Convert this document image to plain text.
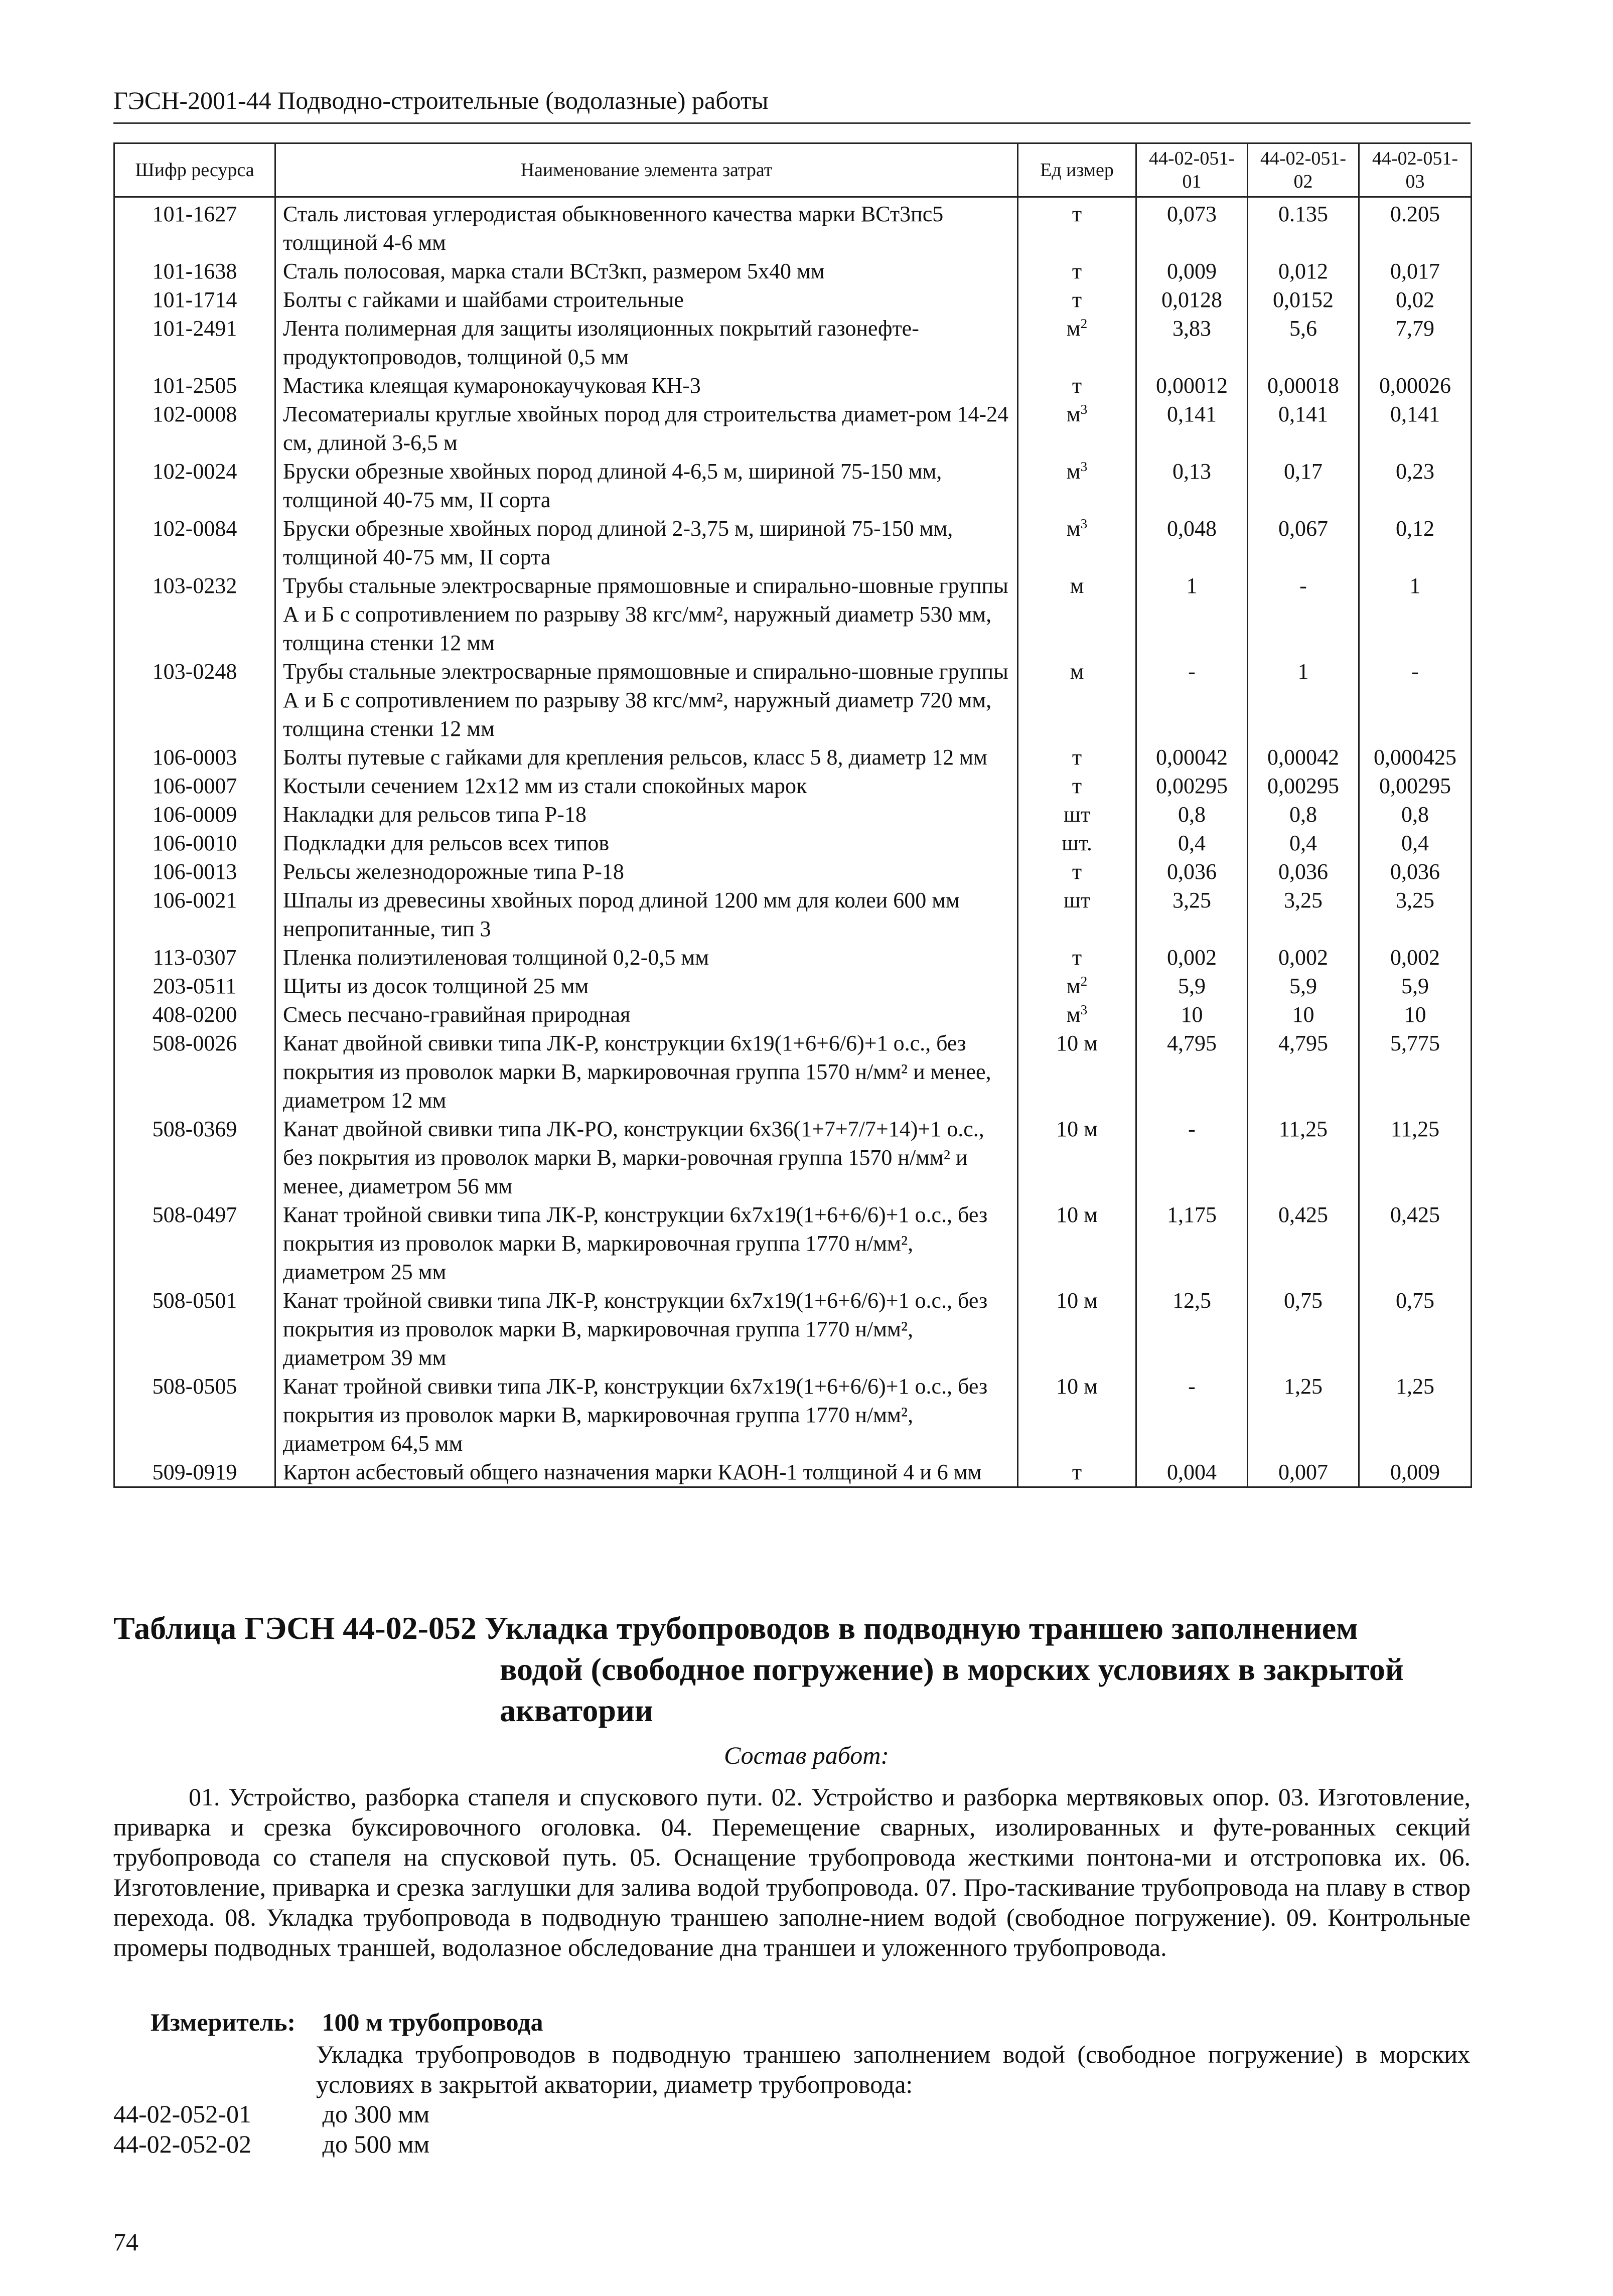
ГЭСН-2001-44 Подводно-строительные (водолазные) работы
Шифр ресурса	Наименование элемента затрат	Ед измер	44-02-051-01	44-02-051-02	44-02-051-03
101-1627	Сталь листовая углеродистая обыкновенного качества марки ВСт3пс5 толщиной 4-6 мм	т	0,073	0.135	0.205
101-1638	Сталь полосовая, марка стали ВСт3кп, размером 5х40 мм	т	0,009	0,012	0,017
101-1714	Болты с гайками и шайбами строительные	т	0,0128	0,0152	0,02
101-2491	Лента полимерная для защиты изоляционных покрытий газонефте-продуктопроводов, толщиной 0,5 мм	$м^2$	3,83	5,6	7,79
101-2505	Мастика клеящая кумаронокаучуковая КН-3	т	0,00012	0,00018	0,00026
102-0008	Лесоматериалы круглые хвойных пород для строительства диамет-ром 14-24 см, длиной 3-6,5 м	$м^3$	0,141	0,141	0,141
102-0024	Бруски обрезные хвойных пород длиной 4-6,5 м, шириной 75-150 мм, толщиной 40-75 мм, II сорта	$м^3$	0,13	0,17	0,23
102-0084	Бруски обрезные хвойных пород длиной 2-3,75 м, шириной 75-150 мм, толщиной 40-75 мм, II сорта	$м^3$	0,048	0,067	0,12
103-0232	Трубы стальные электросварные прямошовные и спирально-шовные группы А и Б с сопротивлением по разрыву 38 кгс/мм², наружный диаметр 530 мм, толщина стенки 12 мм	м	1	-	1
103-0248	Трубы стальные электросварные прямошовные и спирально-шовные группы А и Б с сопротивлением по разрыву 38 кгс/мм², наружный диаметр 720 мм, толщина стенки 12 мм	м	-	1	-
106-0003	Болты путевые с гайками для крепления рельсов, класс 5 8, диаметр 12 мм	т	0,00042	0,00042	0,000425
106-0007	Костыли сечением 12х12 мм из стали спокойных марок	т	0,00295	0,00295	0,00295
106-0009	Накладки для рельсов типа Р-18	шт	0,8	0,8	0,8
106-0010	Подкладки для рельсов всех типов	шт.	0,4	0,4	0,4
106-0013	Рельсы железнодорожные типа Р-18	т	0,036	0,036	0,036
106-0021	Шпалы из древесины хвойных пород длиной 1200 мм для колеи 600 мм непропитанные, тип 3	шт	3,25	3,25	3,25
113-0307	Пленка полиэтиленовая толщиной 0,2-0,5 мм	т	0,002	0,002	0,002
203-0511	Щиты из досок толщиной 25 мм	$м^2$	5,9	5,9	5,9
408-0200	Смесь песчано-гравийная природная	$м^3$	10	10	10
508-0026	Канат двойной свивки типа ЛК-Р, конструкции 6х19(1+6+6/6)+1 о.с., без покрытия из проволок марки В, маркировочная группа 1570 н/мм² и менее, диаметром 12 мм	10 м	4,795	4,795	5,775
508-0369	Канат двойной свивки типа ЛК-РО, конструкции 6х36(1+7+7/7+14)+1 о.с., без покрытия из проволок марки В, марки-ровочная группа 1570 н/мм² и менее, диаметром 56 мм	10 м	-	11,25	11,25
508-0497	Канат тройной свивки типа ЛК-Р, конструкции 6х7х19(1+6+6/6)+1 о.с., без покрытия из проволок марки В, маркировочная группа 1770 н/мм², диаметром 25 мм	10 м	1,175	0,425	0,425
508-0501	Канат тройной свивки типа ЛК-Р, конструкции 6х7х19(1+6+6/6)+1 о.с., без покрытия из проволок марки В, маркировочная группа 1770 н/мм², диаметром 39 мм	10 м	12,5	0,75	0,75
508-0505	Канат тройной свивки типа ЛК-Р, конструкции 6х7х19(1+6+6/6)+1 о.с., без покрытия из проволок марки В, маркировочная группа 1770 н/мм², диаметром 64,5 мм	10 м	-	1,25	1,25
509-0919	Картон асбестовый общего назначения марки КАОН-1 толщиной 4 и 6 мм	т	0,004	0,007	0,009
Таблица ГЭСН 44-02-052 Укладка трубопроводов в подводную траншею заполнением
водой (свободное погружение) в морских условиях в закрытой
акватории
Состав работ:

01. Устройство, разборка стапеля и спускового пути. 02. Устройство и разборка мертвяковых опор. 03. Изготовление, приварка и срезка буксировочного оголовка. 04. Перемещение сварных, изолированных и футе-рованных секций трубопровода со стапеля на спусковой путь. 05. Оснащение трубопровода жесткими понтона-ми и отстроповка их. 06. Изготовление, приварка и срезка заглушки для залива водой трубопровода. 07. Про-таскивание трубопровода на плаву в створ перехода. 08. Укладка трубопровода в подводную траншею заполне-нием водой (свободное погружение). 09. Контрольные промеры подводных траншей, водолазное обследование дна траншеи и уложенного трубопровода.

Измеритель: 100 м трубопровода

Укладка трубопроводов в подводную траншею заполнением водой (свободное погружение) в морских условиях в закрытой акватории, диаметр трубопровода:

44-02-052-01	до 300 мм
44-02-052-02	до 500 мм
74
